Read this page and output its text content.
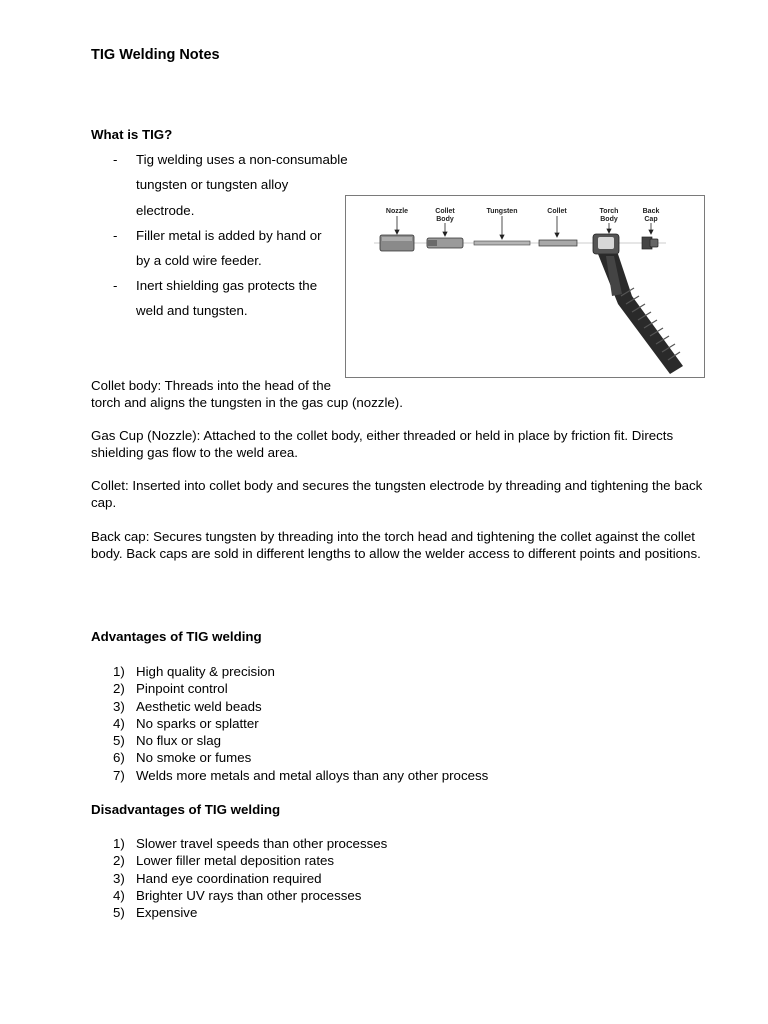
TIG Welding Notes
What is TIG?
-	Tig welding uses a non-consumable
tungsten or tungsten alloy
electrode.
-	Filler metal is added by hand or
by a cold wire feeder.
-	Inert shielding gas protects the
weld and tungsten.
Nozzle	Collet
Body
Tungsten	Collet	Torch
Body
Back
Cap
Collet body: Threads into the head of the
torch and aligns the tungsten in the gas cup (nozzle).
Gas Cup (Nozzle): Attached to the collet body, either threaded or held in place by friction fit. Directs shielding gas flow to the weld area.
Collet: Inserted into collet body and secures the tungsten electrode by threading and tightening the back cap.
Back cap: Secures tungsten by threading into the torch head and tightening the collet against the collet body. Back caps are sold in different lengths to allow the welder access to different points and positions.
Advantages of TIG welding
1) High quality & precision
2) Pinpoint control
3) Aesthetic weld beads
4) No sparks or splatter
5) No flux or slag
6) No smoke or fumes
7) Welds more metals and metal alloys than any other process
Disadvantages of TIG welding
1) Slower travel speeds than other processes
2) Lower filler metal deposition rates
3) Hand eye coordination required
4) Brighter UV rays than other processes
5) Expensive
